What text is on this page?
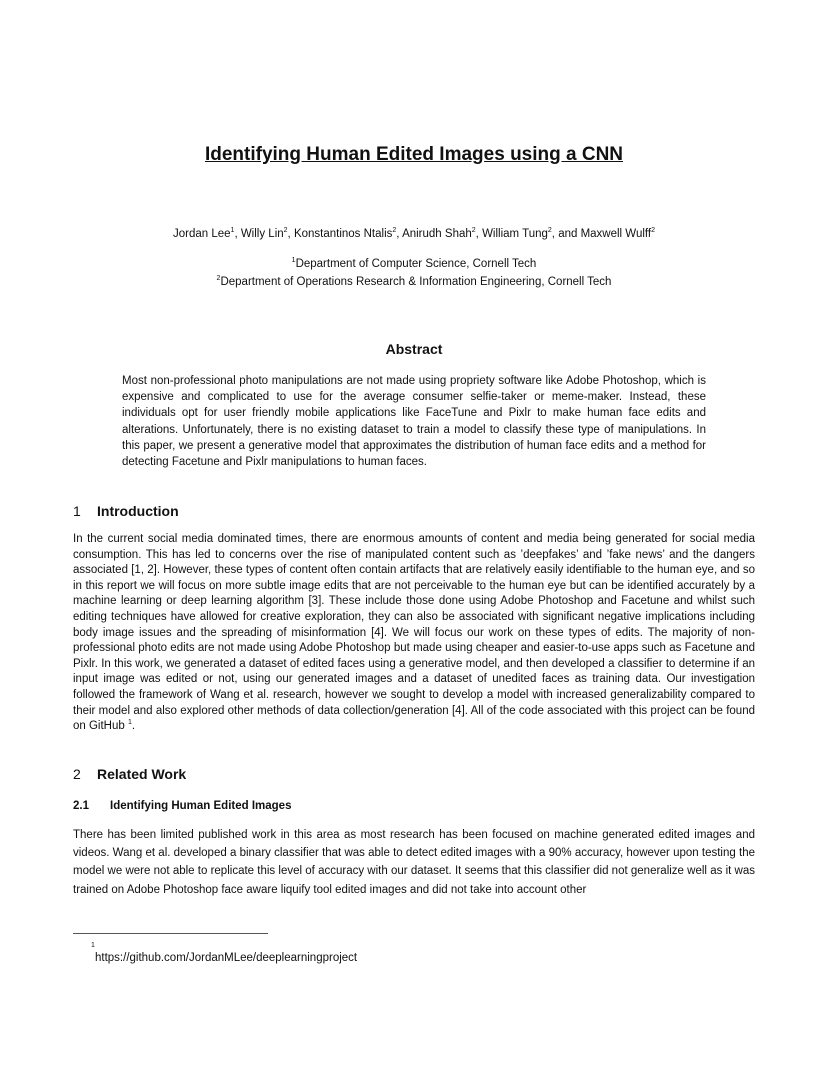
Identifying Human Edited Images using a CNN
Jordan Lee$^1$, Willy Lin$^2$, Konstantinos Ntalis$^2$, Anirudh Shah$^2$, William Tung$^2$, and Maxwell Wulff$^2$
$^1$Department of Computer Science, Cornell Tech
$^2$Department of Operations Research & Information Engineering, Cornell Tech
Abstract

Most non-professional photo manipulations are not made using propriety software like Adobe Photoshop, which is expensive and complicated to use for the average consumer selfie-taker or meme-maker. Instead, these individuals opt for user friendly mobile applications like FaceTune and Pixlr to make human face edits and alterations. Unfortunately, there is no existing dataset to train a model to classify these type of manipulations. In this paper, we present a generative model that approximates the distribution of human face edits and a method for detecting Facetune and Pixlr manipulations to human faces.

1 Introduction

In the current social media dominated times, there are enormous amounts of content and media being generated for social media consumption. This has led to concerns over the rise of manipulated content such as ’deepfakes’ and ’fake news’ and the dangers associated [1, 2]. However, these types of content often contain artifacts that are relatively easily identifiable to the human eye, and so in this report we will focus on more subtle image edits that are not perceivable to the human eye but can be identified accurately by a machine learning or deep learning algorithm [3]. These include those done using Adobe Photoshop and Facetune and whilst such editing techniques have allowed for creative exploration, they can also be associated with significant negative implications including body image issues and the spreading of misinformation [4]. We will focus our work on these types of edits. The majority of non-professional photo edits are not made using Adobe Photoshop but made using cheaper and easier-to-use apps such as Facetune and Pixlr. In this work, we generated a dataset of edited faces using a generative model, and then developed a classifier to determine if an input image was edited or not, using our generated images and a dataset of unedited faces as training data. Our investigation followed the framework of Wang et al. research, however we sought to develop a model with increased generalizability compared to their model and also explored other methods of data collection/generation [4]. All of the code associated with this project can be found on GitHub $^1$.

2 Related Work
2.1 Identifying Human Edited Images

There has been limited published work in this area as most research has been focused on machine generated edited images and videos. Wang et al. developed a binary classifier that was able to detect edited images with a 90% accuracy, however upon testing the model we were not able to replicate this level of accuracy with our dataset. It seems that this classifier did not generalize well as it was trained on Adobe Photoshop face aware liquify tool edited images and did not take into account other

1
https://github.com/JordanMLee/deeplearningproject
